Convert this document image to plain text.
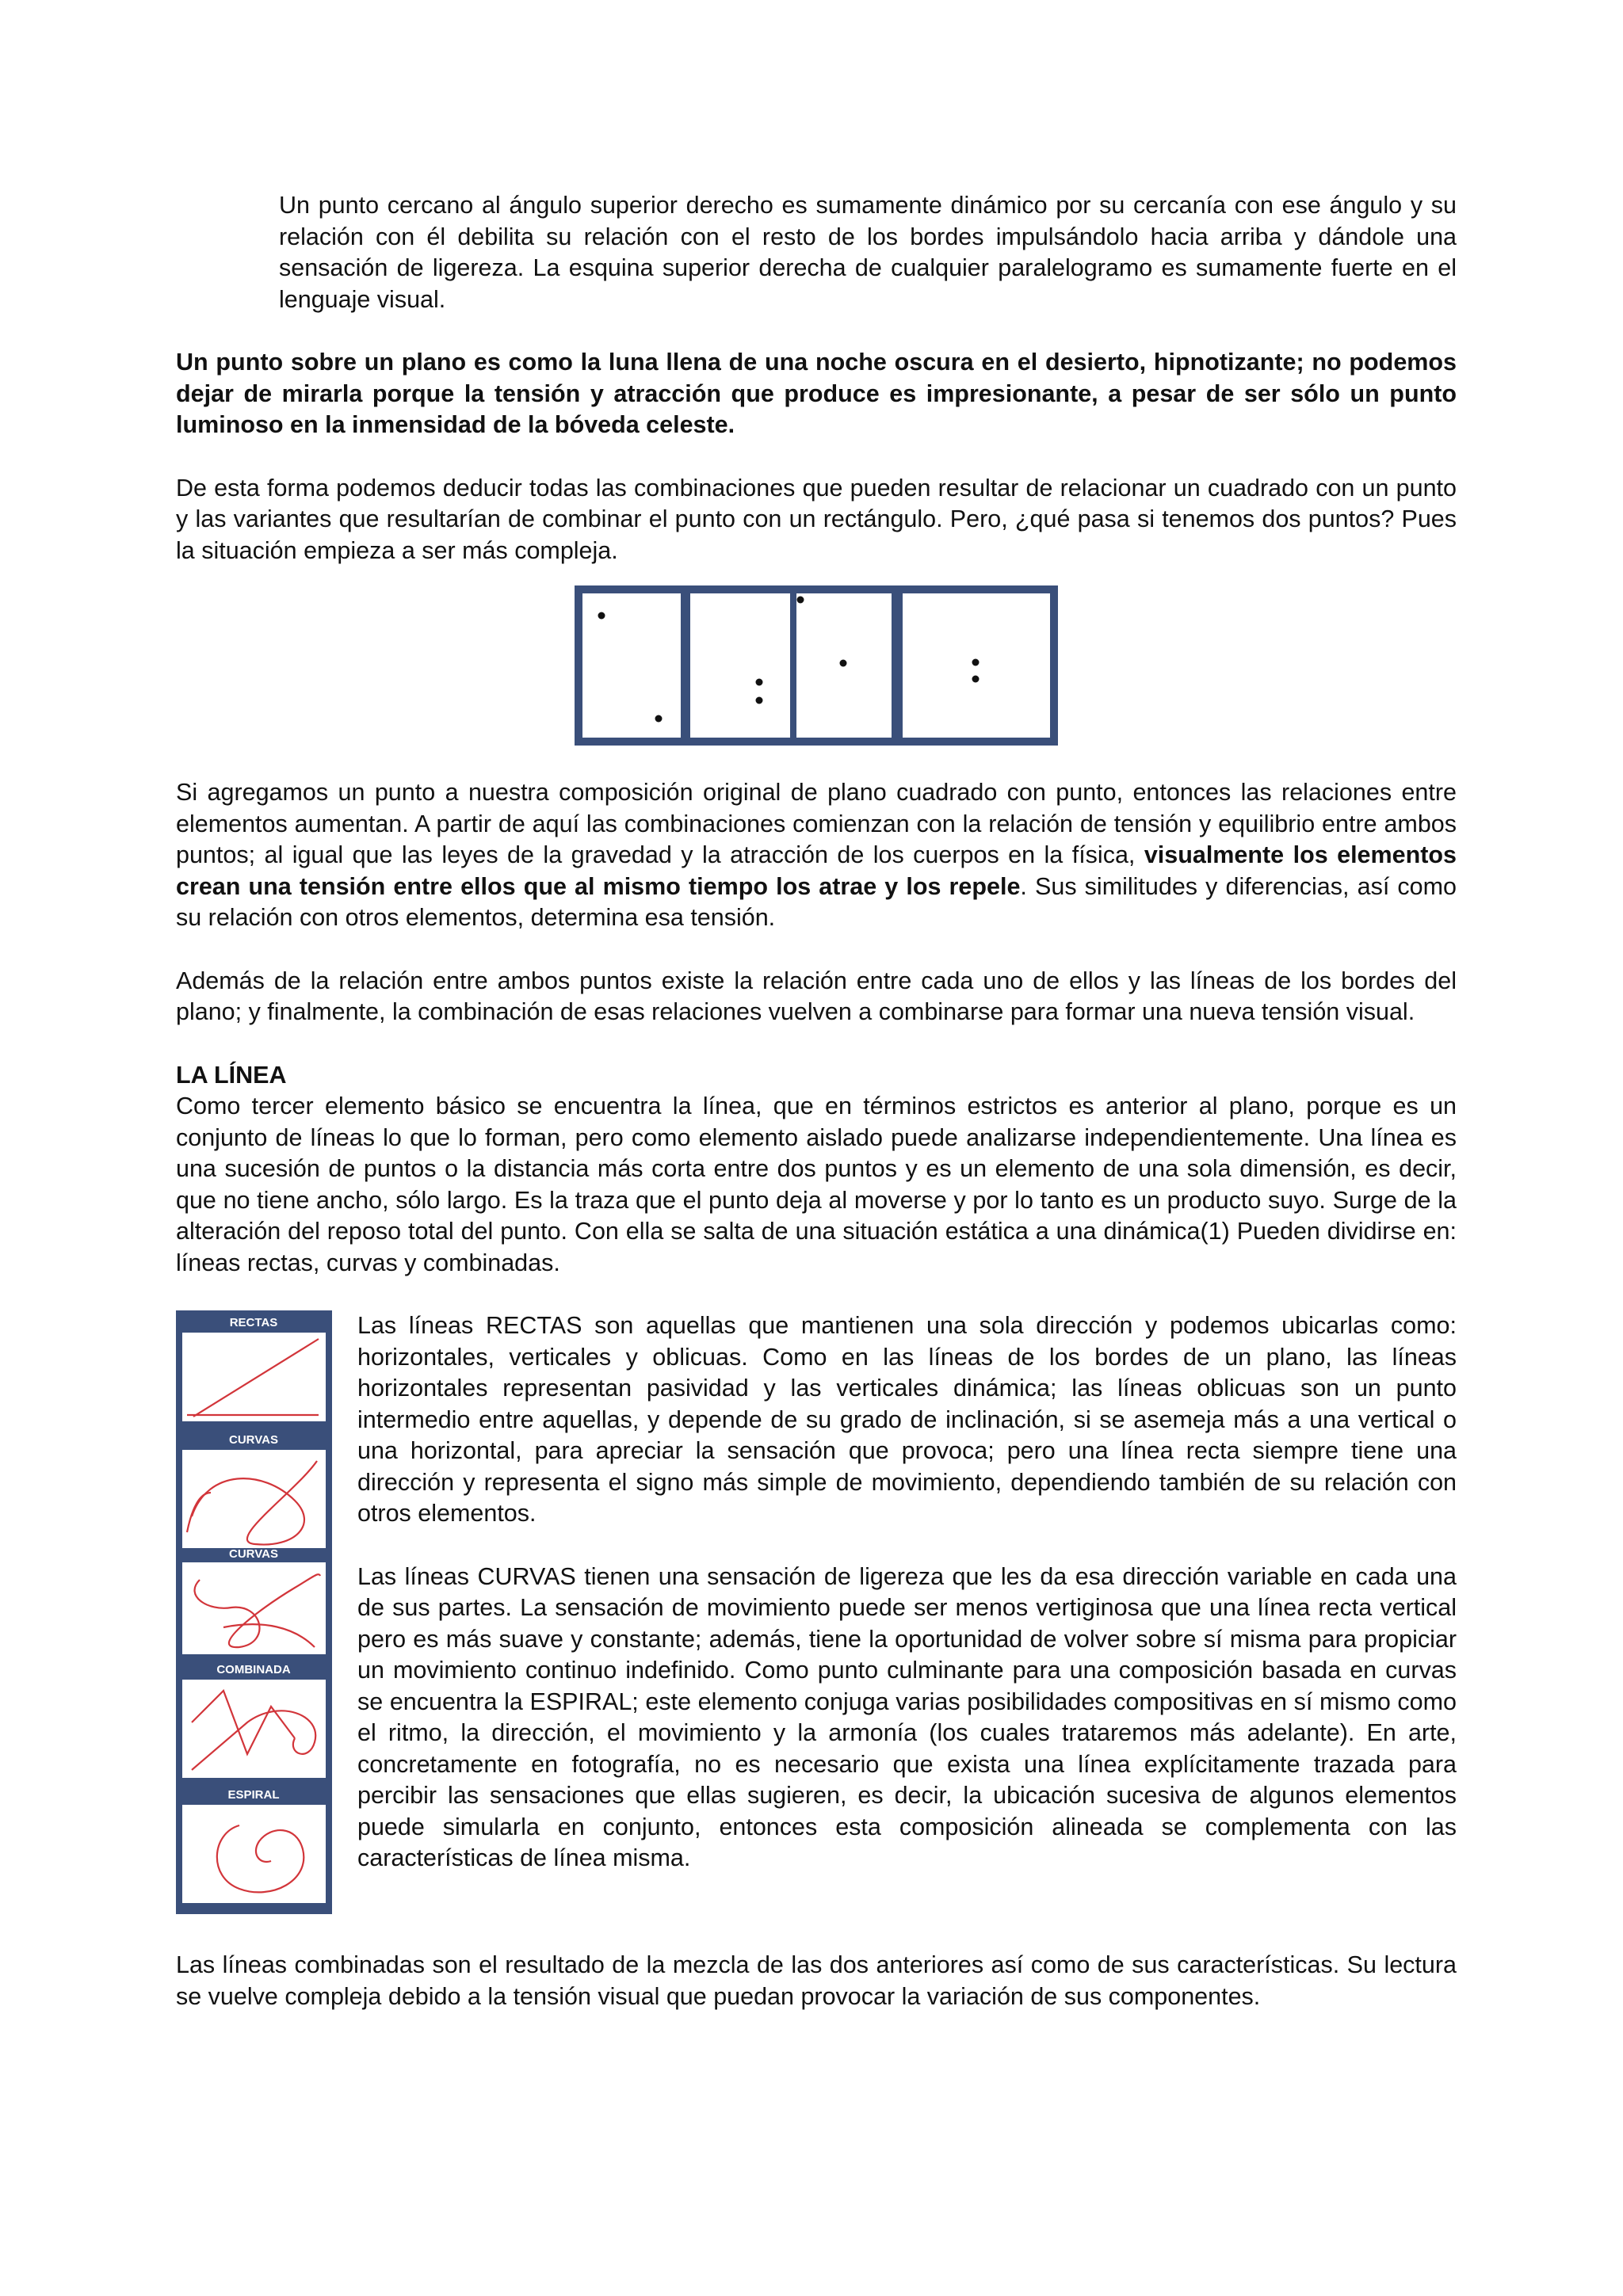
Un punto cercano al ángulo superior derecho es sumamente dinámico por su cercanía con ese ángulo y su relación con él debilita su relación con el resto de los bordes impulsándolo hacia arriba y dándole una sensación de ligereza. La esquina superior derecha de cualquier paralelogramo es sumamente fuerte en el lenguaje visual.

Un punto sobre un plano es como la luna llena de una noche oscura en el desierto, hipnotizante; no podemos dejar de mirarla porque la tensión y atracción que produce es impresionante, a pesar de ser sólo un punto luminoso en la inmensidad de la bóveda celeste.

De esta forma podemos deducir todas las combinaciones que pueden resultar de relacionar un cuadrado con un punto y las variantes que resultarían de combinar el punto con un rectángulo. Pero, ¿qué pasa si tenemos dos puntos? Pues la situación empieza a ser más compleja.

Si agregamos un punto a nuestra composición original de plano cuadrado con punto, entonces las relaciones entre elementos aumentan. A partir de aquí las combinaciones comienzan con la relación de tensión y equilibrio entre ambos puntos; al igual que las leyes de la gravedad y la atracción de los cuerpos en la física, visualmente los elementos crean una tensión entre ellos que al mismo tiempo los atrae y los repele. Sus similitudes y diferencias, así como su relación con otros elementos, determina esa tensión.

Además de la relación entre ambos puntos existe la relación entre cada uno de ellos y las líneas de los bordes del plano; y finalmente, la combinación de esas relaciones vuelven a combinarse para formar una nueva tensión visual.

LA LÍNEA

Como tercer elemento básico se encuentra la línea, que en términos estrictos es anterior al plano, porque es un conjunto de líneas lo que lo forman, pero como elemento aislado puede analizarse independientemente. Una línea es una sucesión de puntos o la distancia más corta entre dos puntos y es un elemento de una sola dimensión, es decir, que no tiene ancho, sólo largo. Es la traza que el punto deja al moverse y por lo tanto es un producto suyo. Surge de la alteración del reposo total del punto. Con ella se salta de una situación estática a una dinámica(1) Pueden dividirse en: líneas rectas, curvas y combinadas.

RECTAS
CURVAS
CURVAS
COMBINADA
ESPIRAL

Las líneas RECTAS son aquellas que mantienen una sola dirección y podemos ubicarlas como: horizontales, verticales y oblicuas. Como en las líneas de los bordes de un plano, las líneas horizontales representan pasividad y las verticales dinámica; las líneas oblicuas son un punto intermedio entre aquellas, y depende de su grado de inclinación, si se asemeja más a una vertical o una horizontal, para apreciar la sensación que provoca; pero una línea recta siempre tiene una dirección y representa el signo más simple de movimiento, dependiendo también de su relación con otros elementos.

Las líneas CURVAS tienen una sensación de ligereza que les da esa dirección variable en cada una de sus partes. La sensación de movimiento puede ser menos vertiginosa que una línea recta vertical pero es más suave y constante; además, tiene la oportunidad de volver sobre sí misma para propiciar un movimiento continuo indefinido. Como punto culminante para una composición basada en curvas se encuentra la ESPIRAL; este elemento conjuga varias posibilidades compositivas en sí mismo como el ritmo, la dirección, el movimiento y la armonía (los cuales trataremos más adelante). En arte, concretamente en fotografía, no es necesario que exista una línea explícitamente trazada para percibir las sensaciones que ellas sugieren, es decir, la ubicación sucesiva de algunos elementos puede simularla en conjunto, entonces esta composición alineada se complementa con las características de línea misma.

Las líneas combinadas son el resultado de la mezcla de las dos anteriores así como de sus características. Su lectura se vuelve compleja debido a la tensión visual que puedan provocar la variación de sus componentes.
